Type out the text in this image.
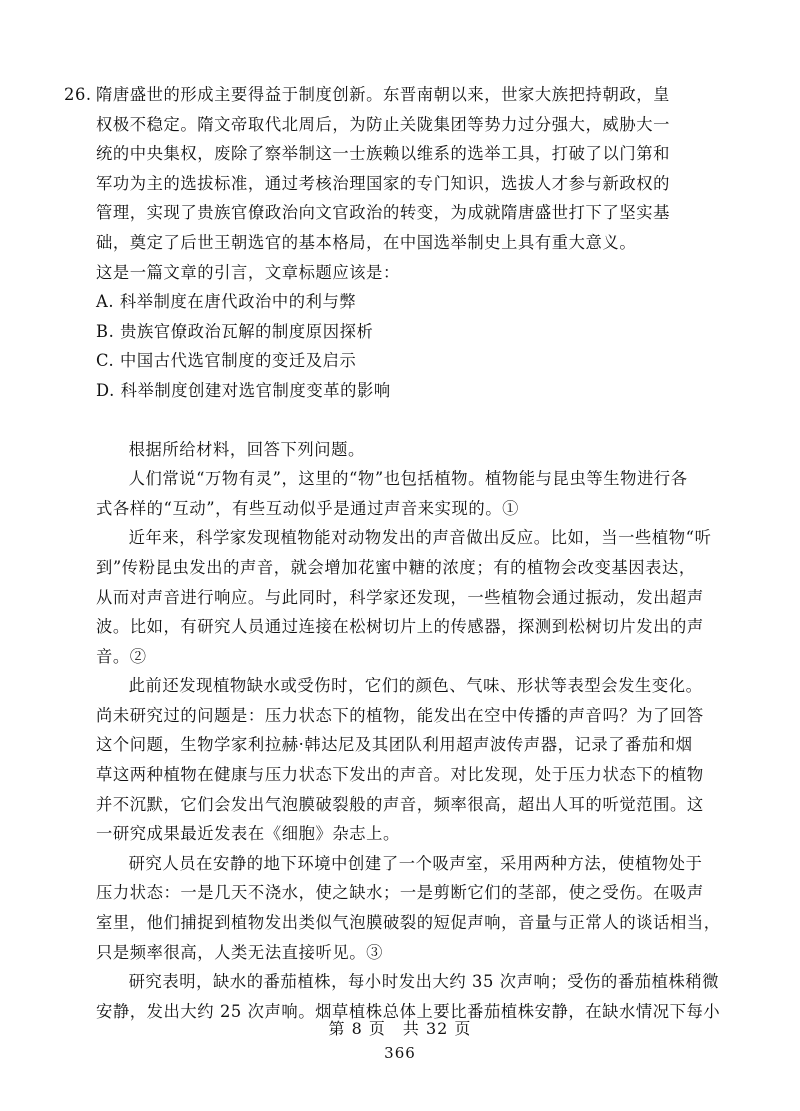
26. 隋唐盛世的形成主要得益于制度创新。东晋南朝以来，世家大族把持朝政，皇
权极不稳定。隋文帝取代北周后，为防止关陇集团等势力过分强大，威胁大一
统的中央集权，废除了察举制这一士族赖以维系的选举工具，打破了以门第和
军功为主的选拔标准，通过考核治理国家的专门知识，选拔人才参与新政权的
管理，实现了贵族官僚政治向文官政治的转变，为成就隋唐盛世打下了坚实基
础，奠定了后世王朝选官的基本格局，在中国选举制史上具有重大意义。
这是一篇文章的引言，文章标题应该是：
A. 科举制度在唐代政治中的利与弊
B. 贵族官僚政治瓦解的制度原因探析
C. 中国古代选官制度的变迁及启示
D. 科举制度创建对选官制度变革的影响
根据所给材料，回答下列问题。
人们常说“万物有灵”，这里的“物”也包括植物。植物能与昆虫等生物进行各
式各样的“互动”，有些互动似乎是通过声音来实现的。①
近年来，科学家发现植物能对动物发出的声音做出反应。比如，当一些植物“听
到”传粉昆虫发出的声音，就会增加花蜜中糖的浓度；有的植物会改变基因表达，
从而对声音进行响应。与此同时，科学家还发现，一些植物会通过振动，发出超声
波。比如，有研究人员通过连接在松树切片上的传感器，探测到松树切片发出的声
音。②
此前还发现植物缺水或受伤时，它们的颜色、气味、形状等表型会发生变化。
尚未研究过的问题是：压力状态下的植物，能发出在空中传播的声音吗？为了回答
这个问题，生物学家利拉赫·韩达尼及其团队利用超声波传声器，记录了番茄和烟
草这两种植物在健康与压力状态下发出的声音。对比发现，处于压力状态下的植物
并不沉默，它们会发出气泡膜破裂般的声音，频率很高，超出人耳的听觉范围。这
一研究成果最近发表在《细胞》杂志上。
研究人员在安静的地下环境中创建了一个吸声室，采用两种方法，使植物处于
压力状态：一是几天不浇水，使之缺水；一是剪断它们的茎部，使之受伤。在吸声
室里，他们捕捉到植物发出类似气泡膜破裂的短促声响，音量与正常人的谈话相当，
只是频率很高，人类无法直接听见。③
研究表明，缺水的番茄植株，每小时发出大约 35 次声响；受伤的番茄植株稍微
安静，发出大约 25 次声响。烟草植株总体上要比番茄植株安静，在缺水情况下每小
第 8 页　共 32 页
366
